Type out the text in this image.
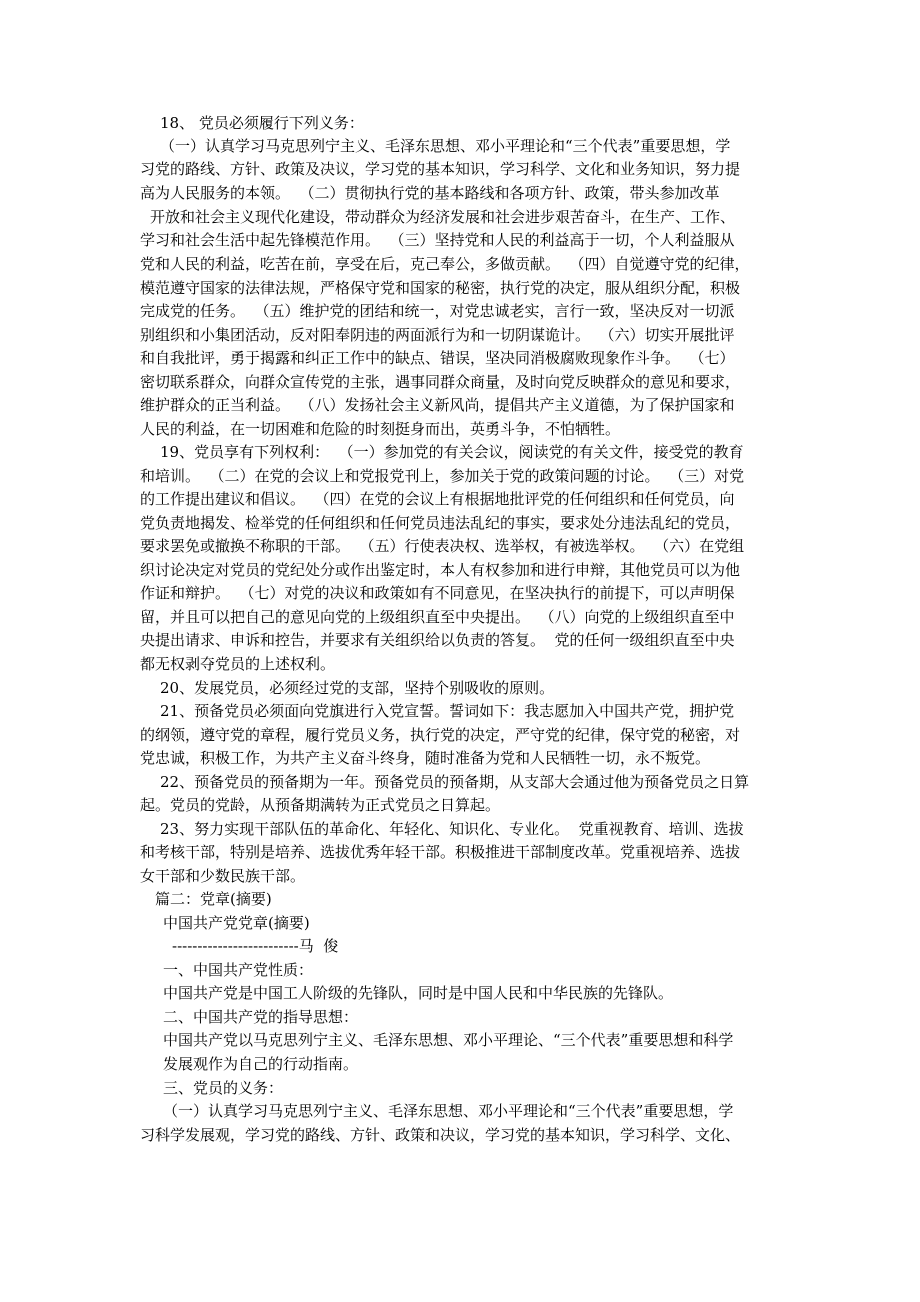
18、 党员必须履行下列义务：
（一）认真学习马克思列宁主义、毛泽东思想、邓小平理论和“三个代表”重要思想，学
习党的路线、方针、政策及决议，学习党的基本知识，学习科学、文化和业务知识，努力提
高为人民服务的本领。  （二）贯彻执行党的基本路线和各项方针、政策，带头参加改革
开放和社会主义现代化建设，带动群众为经济发展和社会进步艰苦奋斗，在生产、工作、
学习和社会生活中起先锋模范作用。  （三）坚持党和人民的利益高于一切，个人利益服从
党和人民的利益，吃苦在前，享受在后，克己奉公，多做贡献。  （四）自觉遵守党的纪律，
模范遵守国家的法律法规，严格保守党和国家的秘密，执行党的决定，服从组织分配，积极
完成党的任务。  （五）维护党的团结和统一，对党忠诚老实，言行一致，坚决反对一切派
别组织和小集团活动，反对阳奉阴违的两面派行为和一切阴谋诡计。  （六）切实开展批评
和自我批评，勇于揭露和纠正工作中的缺点、错误，坚决同消极腐败现象作斗争。  （七）
密切联系群众，向群众宣传党的主张，遇事同群众商量，及时向党反映群众的意见和要求，
维护群众的正当利益。  （八）发扬社会主义新风尚，提倡共产主义道德，为了保护国家和
人民的利益，在一切困难和危险的时刻挺身而出，英勇斗争，不怕牺牲。
19、党员享有下列权利：  （一）参加党的有关会议，阅读党的有关文件，接受党的教育
和培训。  （二）在党的会议上和党报党刊上，参加关于党的政策问题的讨论。  （三）对党
的工作提出建议和倡议。  （四）在党的会议上有根据地批评党的任何组织和任何党员，向
党负责地揭发、检举党的任何组织和任何党员违法乱纪的事实，要求处分违法乱纪的党员，
要求罢免或撤换不称职的干部。  （五）行使表决权、选举权，有被选举权。  （六）在党组
织讨论决定对党员的党纪处分或作出鉴定时，本人有权参加和进行申辩，其他党员可以为他
作证和辩护。  （七）对党的决议和政策如有不同意见，在坚决执行的前提下，可以声明保
留，并且可以把自己的意见向党的上级组织直至中央提出。  （八）向党的上级组织直至中
央提出请求、申诉和控告，并要求有关组织给以负责的答复。  党的任何一级组织直至中央
都无权剥夺党员的上述权利。
20、发展党员，必须经过党的支部，坚持个别吸收的原则。
21、预备党员必须面向党旗进行入党宣誓。誓词如下：我志愿加入中国共产党，拥护党
的纲领，遵守党的章程，履行党员义务，执行党的决定，严守党的纪律，保守党的秘密，对
党忠诚，积极工作，为共产主义奋斗终身，随时准备为党和人民牺牲一切，永不叛党。
22、预备党员的预备期为一年。预备党员的预备期，从支部大会通过他为预备党员之日算
起。党员的党龄，从预备期满转为正式党员之日算起。
23、努力实现干部队伍的革命化、年轻化、知识化、专业化。  党重视教育、培训、选拔
和考核干部，特别是培养、选拔优秀年轻干部。积极推进干部制度改革。党重视培养、选拔
女干部和少数民族干部。
篇二：党章(摘要)
中国共产党党章(摘要)
-------------------------马  俊
一、中国共产党性质：
中国共产党是中国工人阶级的先锋队，同时是中国人民和中华民族的先锋队。
二、中国共产党的指导思想：
中国共产党以马克思列宁主义、毛泽东思想、邓小平理论、“三个代表”重要思想和科学
发展观作为自己的行动指南。
三、党员的义务：
（一）认真学习马克思列宁主义、毛泽东思想、邓小平理论和“三个代表”重要思想，学
习科学发展观，学习党的路线、方针、政策和决议，学习党的基本知识，学习科学、文化、
